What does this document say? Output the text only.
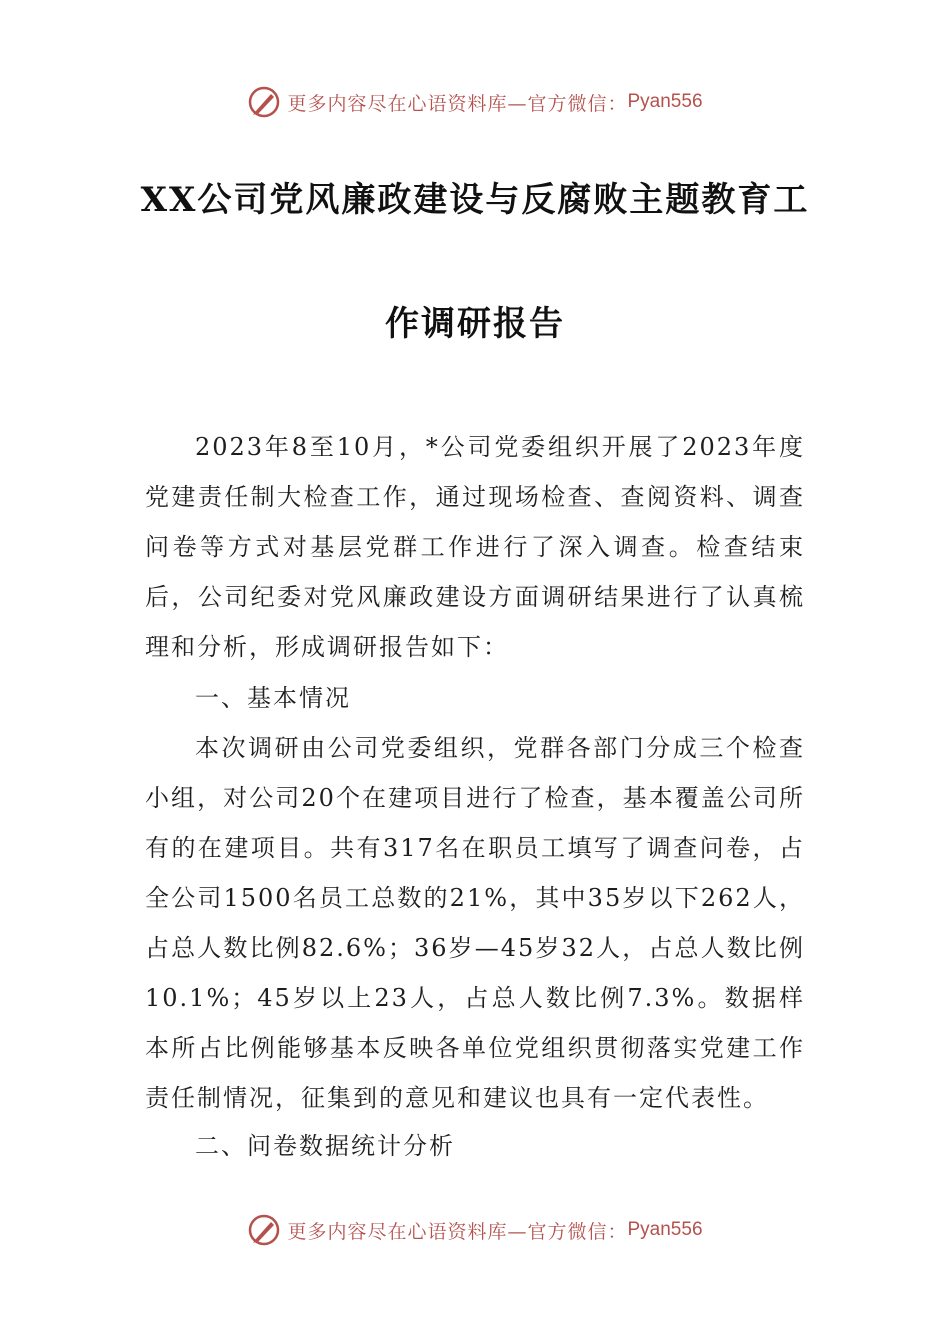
更多内容尽在心语资料库—官方微信： Pyan556
XX公司党风廉政建设与反腐败主题教育工
作调研报告

2023年8至10月，*公司党委组织开展了2023年度党建责任制大检查工作，通过现场检查、查阅资料、调查问卷等方式对基层党群工作进行了深入调查。检查结束后，公司纪委对党风廉政建设方面调研结果进行了认真梳理和分析，形成调研报告如下：

一、基本情况

本次调研由公司党委组织，党群各部门分成三个检查小组，对公司20个在建项目进行了检查，基本覆盖公司所有的在建项目。共有317名在职员工填写了调查问卷，占全公司1500名员工总数的21%，其中35岁以下262人，占总人数比例82.6%；36岁—45岁32人，占总人数比例10.1%；45岁以上23人，占总人数比例7.3%。数据样本所占比例能够基本反映各单位党组织贯彻落实党建工作责任制情况，征集到的意见和建议也具有一定代表性。

二、问卷数据统计分析
更多内容尽在心语资料库—官方微信： Pyan556
